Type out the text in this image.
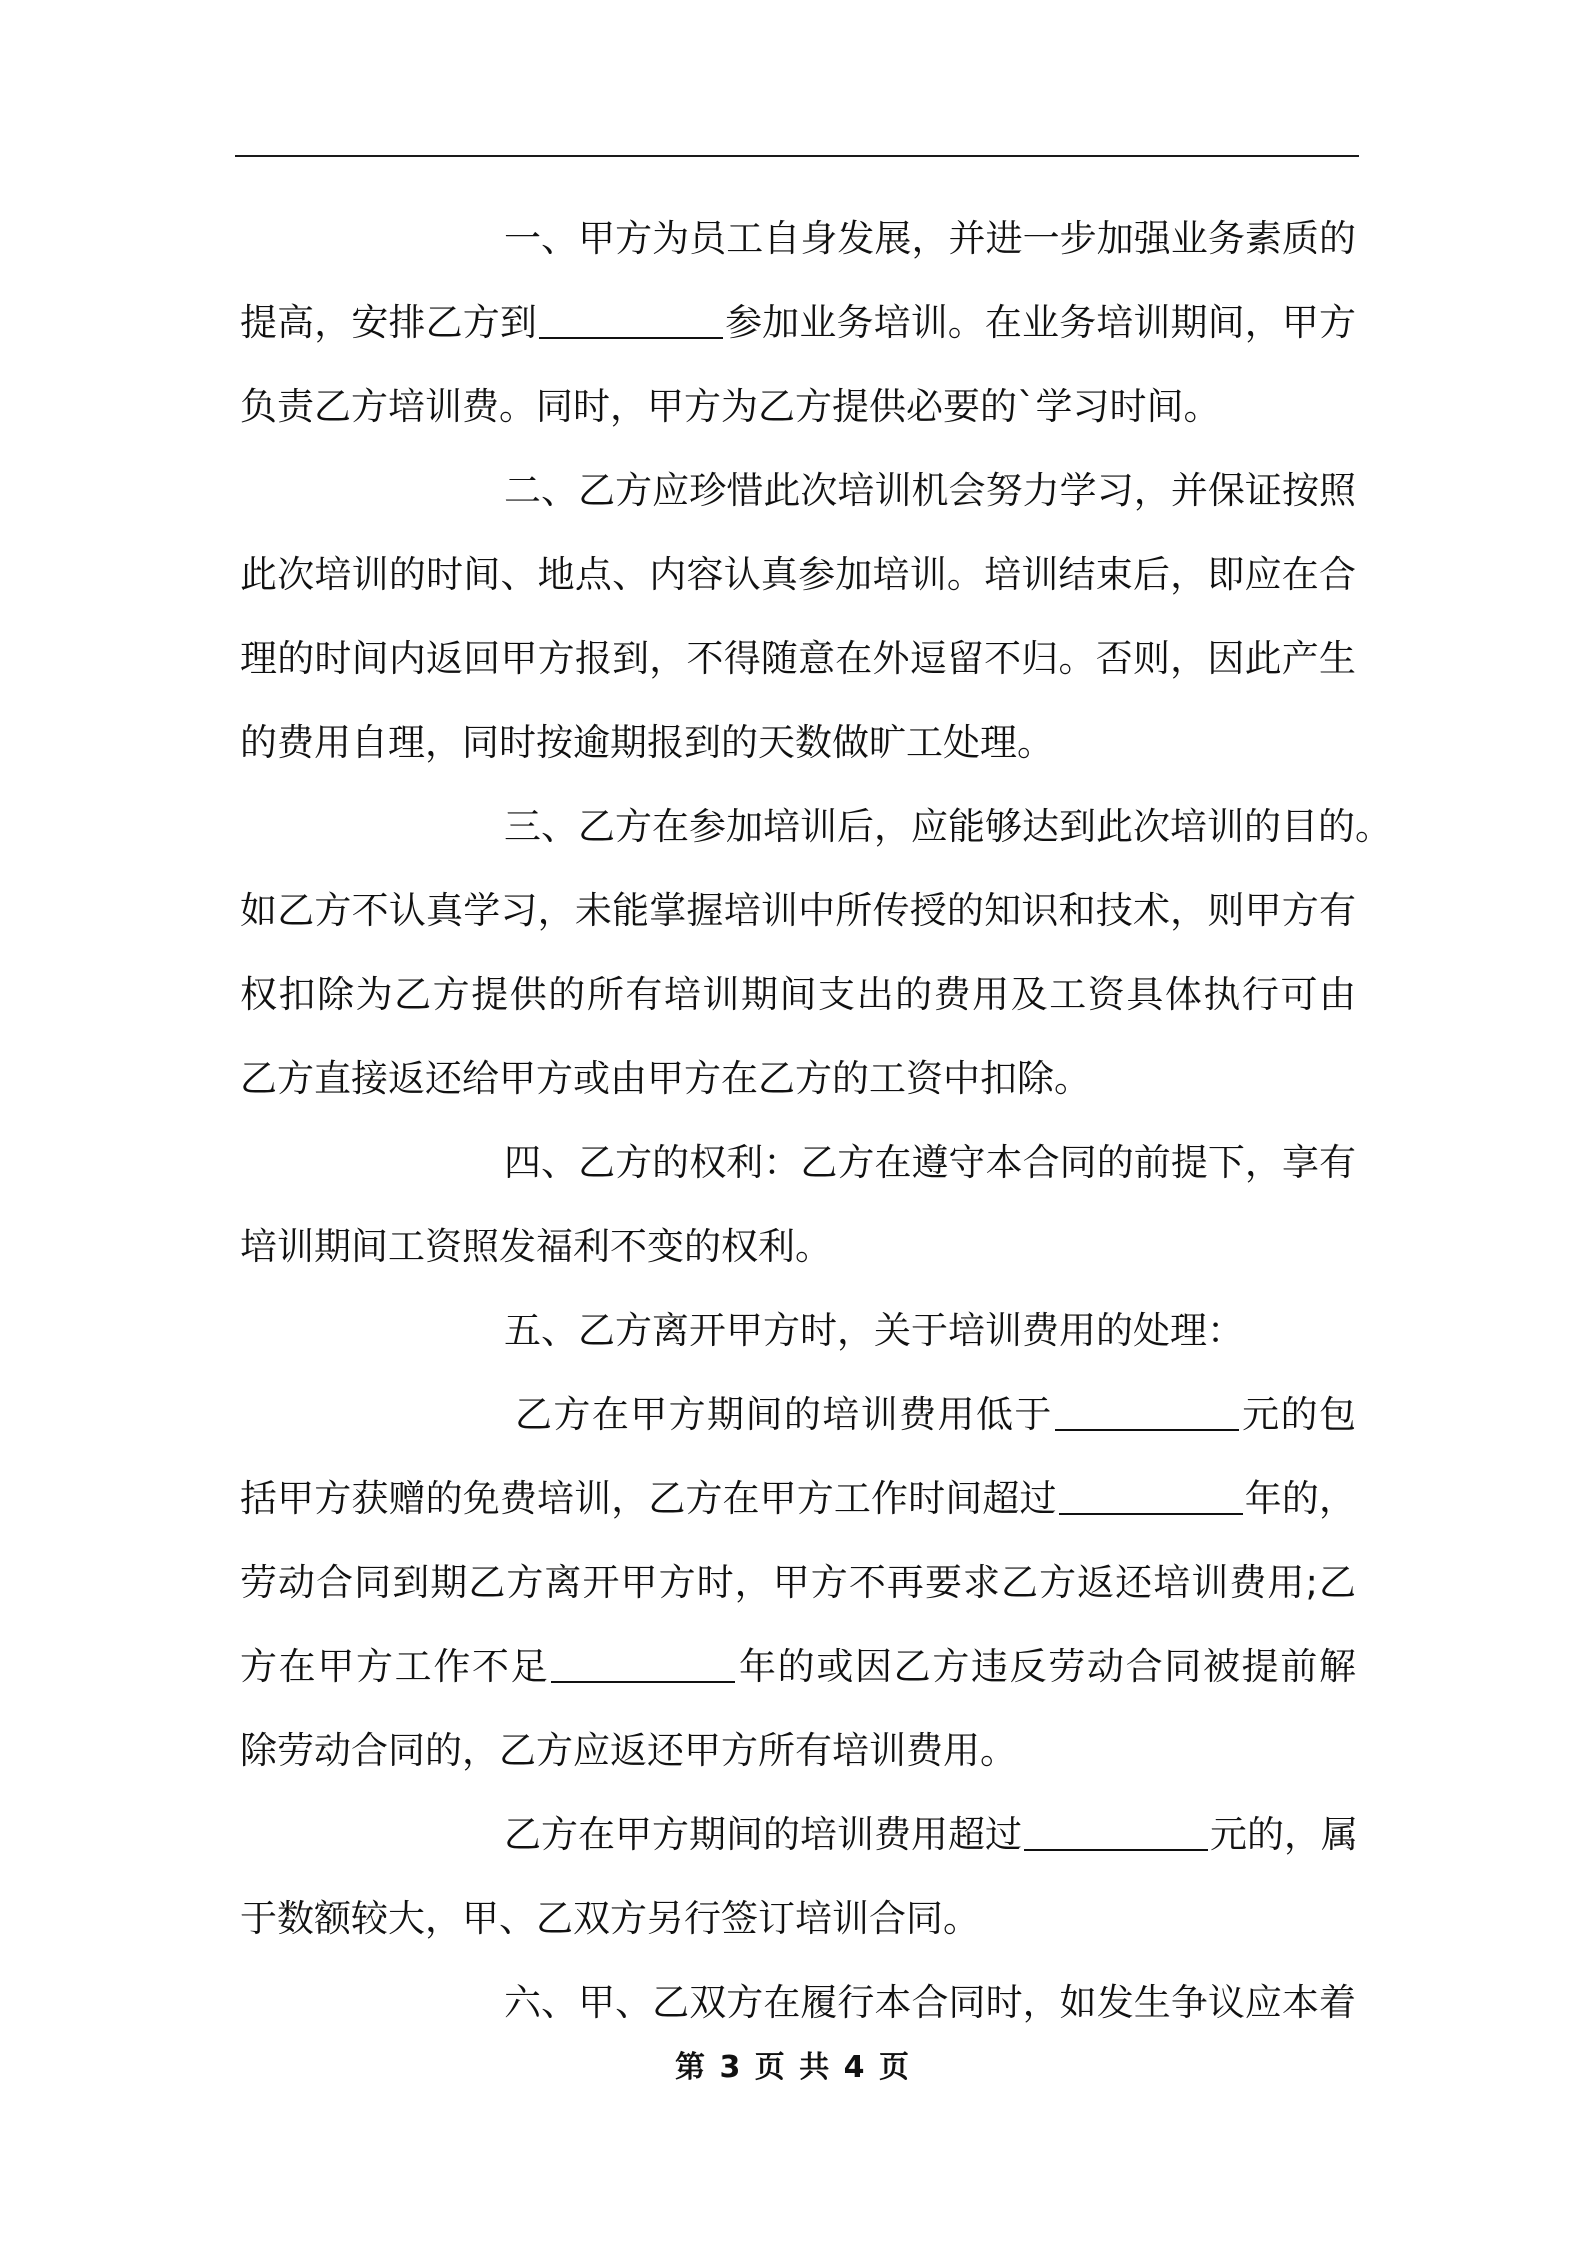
一、甲方为员工自身发展，并进一步加强业务素质的
提高，安排乙方到	参加业务培训。在业务培训期间，甲方
负责乙方培训费。同时，甲方为乙方提供必要的`学习时间。
二、乙方应珍惜此次培训机会努力学习，并保证按照
此次培训的时间、地点、内容认真参加培训。培训结束后，即应在合
理的时间内返回甲方报到，不得随意在外逗留不归。否则，因此产生
的费用自理，同时按逾期报到的天数做旷工处理。
三、乙方在参加培训后，应能够达到此次培训的目的。
如乙方不认真学习，未能掌握培训中所传授的知识和技术，则甲方有
权扣除为乙方提供的所有培训期间支出的费用及工资具体执行可由
乙方直接返还给甲方或由甲方在乙方的工资中扣除。
四、乙方的权利：乙方在遵守本合同的前提下，享有
培训期间工资照发福利不变的权利。
五、乙方离开甲方时，关于培训费用的处理：
乙方在甲方期间的培训费用低于	元的包
括甲方获赠的免费培训，乙方在甲方工作时间超过	年的，
劳动合同到期乙方离开甲方时，甲方不再要求乙方返还培训费用;乙
方在甲方工作不足	年的或因乙方违反劳动合同被提前解
除劳动合同的，乙方应返还甲方所有培训费用。
乙方在甲方期间的培训费用超过	元的，属
于数额较大，甲、乙双方另行签订培训合同。
六、甲、乙双方在履行本合同时，如发生争议应本着
第 3 页 共 4 页
